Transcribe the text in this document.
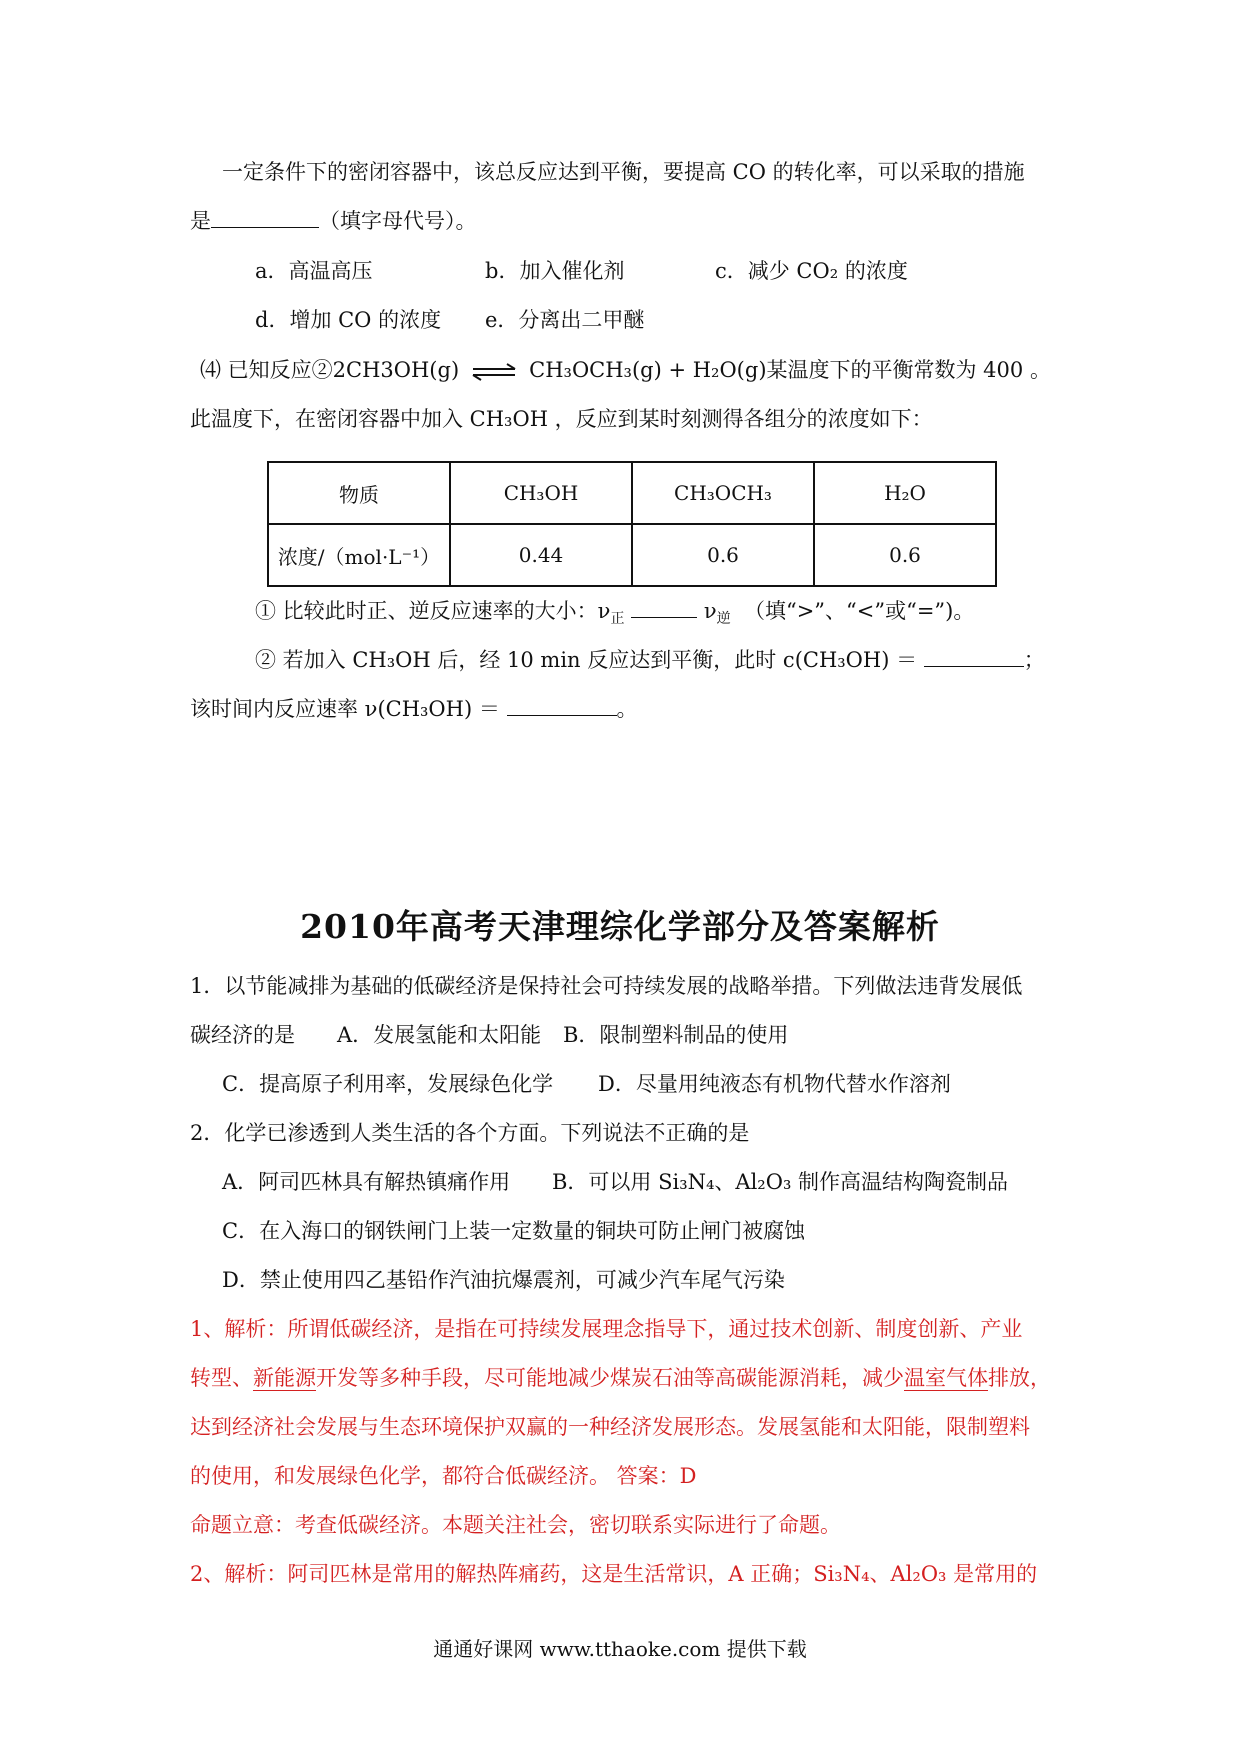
一定条件下的密闭容器中，该总反应达到平衡，要提高 CO 的转化率，可以采取的措施
是	（填字母代号）。
a．高温高压	b．加入催化剂	c．减少 CO₂ 的浓度
d．增加 CO 的浓度 e．分离出二甲醚
⑷ 已知反应②2CH3OH(g) ⇌ CH₃OCH₃(g) + H₂O(g)某温度下的平衡常数为 400 。
此温度下，在密闭容器中加入 CH₃OH ，反应到某时刻测得各组分的浓度如下：
物质	CH₃OH	CH₃OCH₃	H₂O
浓度/（mol·L⁻¹）	0.44	0.6	0.6
① 比较此时正、逆反应速率的大小：$\nu_正$	$\nu_逆$ （填“>”、“<”或“=”)。
② 若加入 CH₃OH 后，经 10 min 反应达到平衡，此时 c(CH₃OH) ＝	；
该时间内反应速率 ν(CH₃OH) ＝	。
2010年高考天津理综化学部分及答案解析
1．以节能减排为基础的低碳经济是保持社会可持续发展的战略举措。下列做法违背发展低
碳经济的是 A．发展氢能和太阳能 B．限制塑料制品的使用
C．提高原子利用率，发展绿色化学 D．尽量用纯液态有机物代替水作溶剂
2．化学已渗透到人类生活的各个方面。下列说法不正确的是
A．阿司匹林具有解热镇痛作用 B．可以用 Si₃N₄、Al₂O₃ 制作高温结构陶瓷制品
C．在入海口的钢铁闸门上装一定数量的铜块可防止闸门被腐蚀
D．禁止使用四乙基铅作汽油抗爆震剂，可减少汽车尾气污染
1、解析：所谓低碳经济，是指在可持续发展理念指导下，通过技术创新、制度创新、产业
转型、新能源开发等多种手段，尽可能地减少煤炭石油等高碳能源消耗，减少温室气体排放，
达到经济社会发展与生态环境保护双赢的一种经济发展形态。发展氢能和太阳能，限制塑料
的使用，和发展绿色化学，都符合低碳经济。 答案：D
命题立意：考查低碳经济。本题关注社会，密切联系实际进行了命题。
2、解析：阿司匹林是常用的解热阵痛药，这是生活常识，A 正确；Si₃N₄、Al₂O₃ 是常用的
通通好课网 www.tthaoke.com 提供下载
